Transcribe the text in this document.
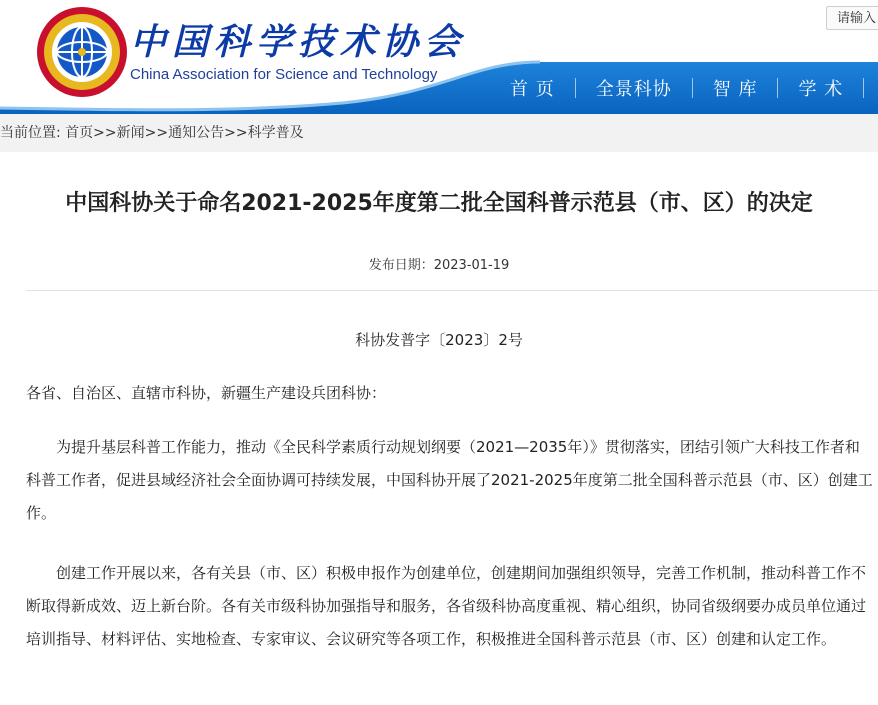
中国科学技术协会
China Association for Science and Technology
请输入
首 页	全景科协	智 库	学 术
当前位置: 首页>>新闻>>通知公告>>科学普及
中国科协关于命名2021-2025年度第二批全国科普示范县（市、区）的决定
发布日期：2023-01-19
科协发普字〔2023〕2号
各省、自治区、直辖市科协，新疆生产建设兵团科协：

为提升基层科普工作能力，推动《全民科学素质行动规划纲要（2021—2035年）》贯彻落实，团结引领广大科技工作者和科普工作者，促进县域经济社会全面协调可持续发展，中国科协开展了2021-2025年度第二批全国科普示范县（市、区）创建工作。

创建工作开展以来，各有关县（市、区）积极申报作为创建单位，创建期间加强组织领导，完善工作机制，推动科普工作不断取得新成效、迈上新台阶。各有关市级科协加强指导和服务，各省级科协高度重视、精心组织，协同省级纲要办成员单位通过培训指导、材料评估、实地检查、专家审议、会议研究等各项工作，积极推进全国科普示范县（市、区）创建和认定工作。
